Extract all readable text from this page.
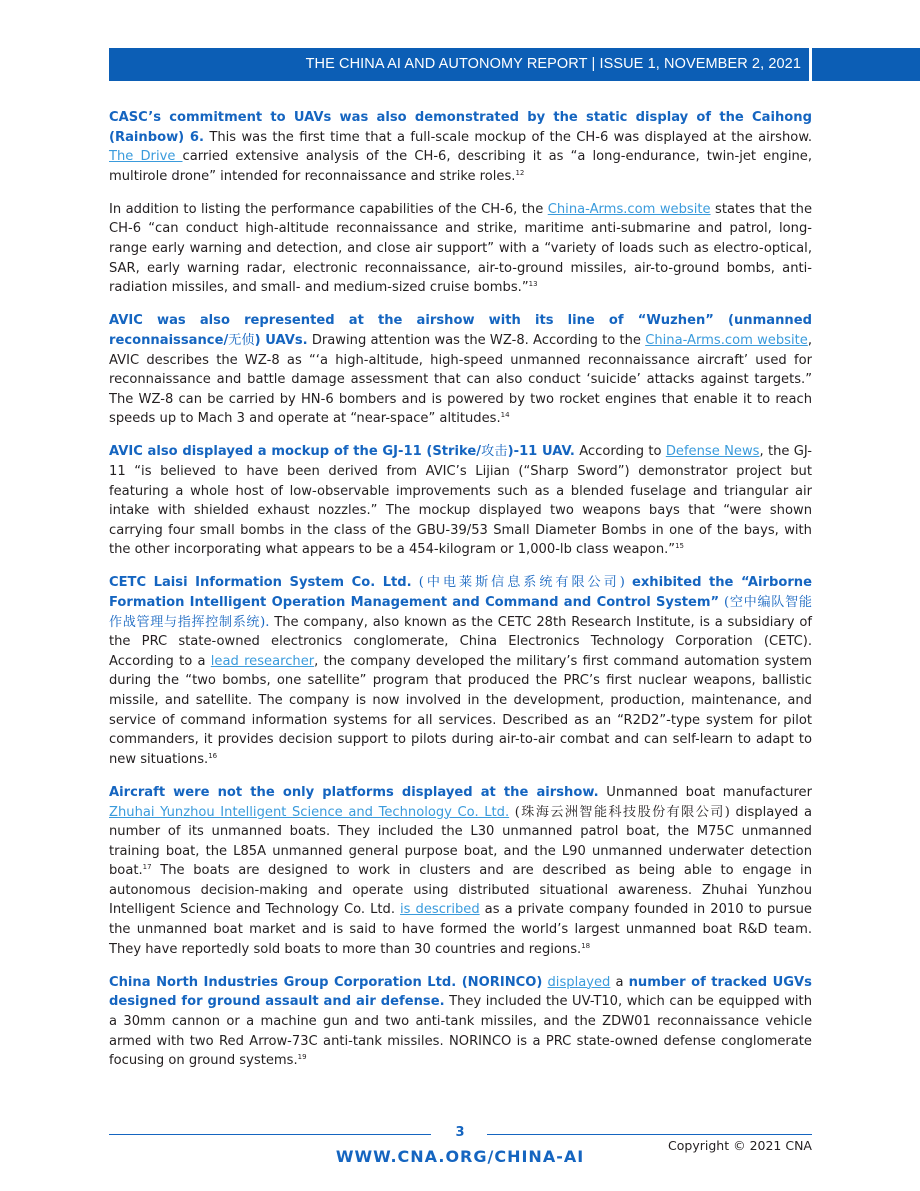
THE CHINA AI AND AUTONOMY REPORT | ISSUE 1, NOVEMBER 2, 2021

CASC’s commitment to UAVs was also demonstrated by the static display of the Caihong (Rainbow) 6. This was the first time that a full-scale mockup of the CH-6 was displayed at the airshow. The Drive carried extensive analysis of the CH-6, describing it as “a long-endurance, twin-jet engine, multirole drone” intended for reconnaissance and strike roles.$^{12}$

In addition to listing the performance capabilities of the CH-6, the China-Arms.com website states that the CH-6 “can conduct high-altitude reconnaissance and strike, maritime anti-submarine and patrol, long-range early warning and detection, and close air support” with a “variety of loads such as electro-optical, SAR, early warning radar, electronic reconnaissance, air-to-ground missiles, air-to-ground bombs, anti-radiation missiles, and small- and medium-sized cruise bombs.”$^{13}$

AVIC was also represented at the airshow with its line of “Wuzhen” (unmanned reconnaissance/无侦) UAVs. Drawing attention was the WZ-8. According to the China-Arms.com website, AVIC describes the WZ-8 as “‘a high-altitude, high-speed unmanned reconnaissance aircraft’ used for reconnaissance and battle damage assessment that can also conduct ‘suicide’ attacks against targets.” The WZ-8 can be carried by HN-6 bombers and is powered by two rocket engines that enable it to reach speeds up to Mach 3 and operate at “near-space” altitudes.$^{14}$

AVIC also displayed a mockup of the GJ-11 (Strike/攻击)-11 UAV. According to Defense News, the GJ-11 “is believed to have been derived from AVIC’s Lijian (“Sharp Sword”) demonstrator project but featuring a whole host of low-observable improvements such as a blended fuselage and triangular air intake with shielded exhaust nozzles.” The mockup displayed two weapons bays that “were shown carrying four small bombs in the class of the GBU-39/53 Small Diameter Bombs in one of the bays, with the other incorporating what appears to be a 454-kilogram or 1,000-lb class weapon.”$^{15}$

CETC Laisi Information System Co. Ltd. (中电莱斯信息系统有限公司) exhibited the “Airborne Formation Intelligent Operation Management and Command and Control System” (空中编队智能作战管理与指挥控制系统). The company, also known as the CETC 28th Research Institute, is a subsidiary of the PRC state-owned electronics conglomerate, China Electronics Technology Corporation (CETC). According to a lead researcher, the company developed the military’s first command automation system during the “two bombs, one satellite” program that produced the PRC’s first nuclear weapons, ballistic missile, and satellite. The company is now involved in the development, production, maintenance, and service of command information systems for all services. Described as an “R2D2”-type system for pilot commanders, it provides decision support to pilots during air-to-air combat and can self-learn to adapt to new situations.$^{16}$

Aircraft were not the only platforms displayed at the airshow. Unmanned boat manufacturer Zhuhai Yunzhou Intelligent Science and Technology Co. Ltd. (珠海云洲智能科技股份有限公司) displayed a number of its unmanned boats. They included the L30 unmanned patrol boat, the M75C unmanned training boat, the L85A unmanned general purpose boat, and the L90 unmanned underwater detection boat.$^{17}$ The boats are designed to work in clusters and are described as being able to engage in autonomous decision-making and operate using distributed situational awareness. Zhuhai Yunzhou Intelligent Science and Technology Co. Ltd. is described as a private company founded in 2010 to pursue the unmanned boat market and is said to have formed the world’s largest unmanned boat R&D team. They have reportedly sold boats to more than 30 countries and regions.$^{18}$

China North Industries Group Corporation Ltd. (NORINCO) displayed a number of tracked UGVs designed for ground assault and air defense. They included the UV-T10, which can be equipped with a 30mm cannon or a machine gun and two anti-tank missiles, and the ZDW01 reconnaissance vehicle armed with two Red Arrow-73C anti-tank missiles. NORINCO is a PRC state-owned defense conglomerate focusing on ground systems.$^{19}$

3
Copyright © 2021 CNA
WWW.CNA.ORG/CHINA-AI
